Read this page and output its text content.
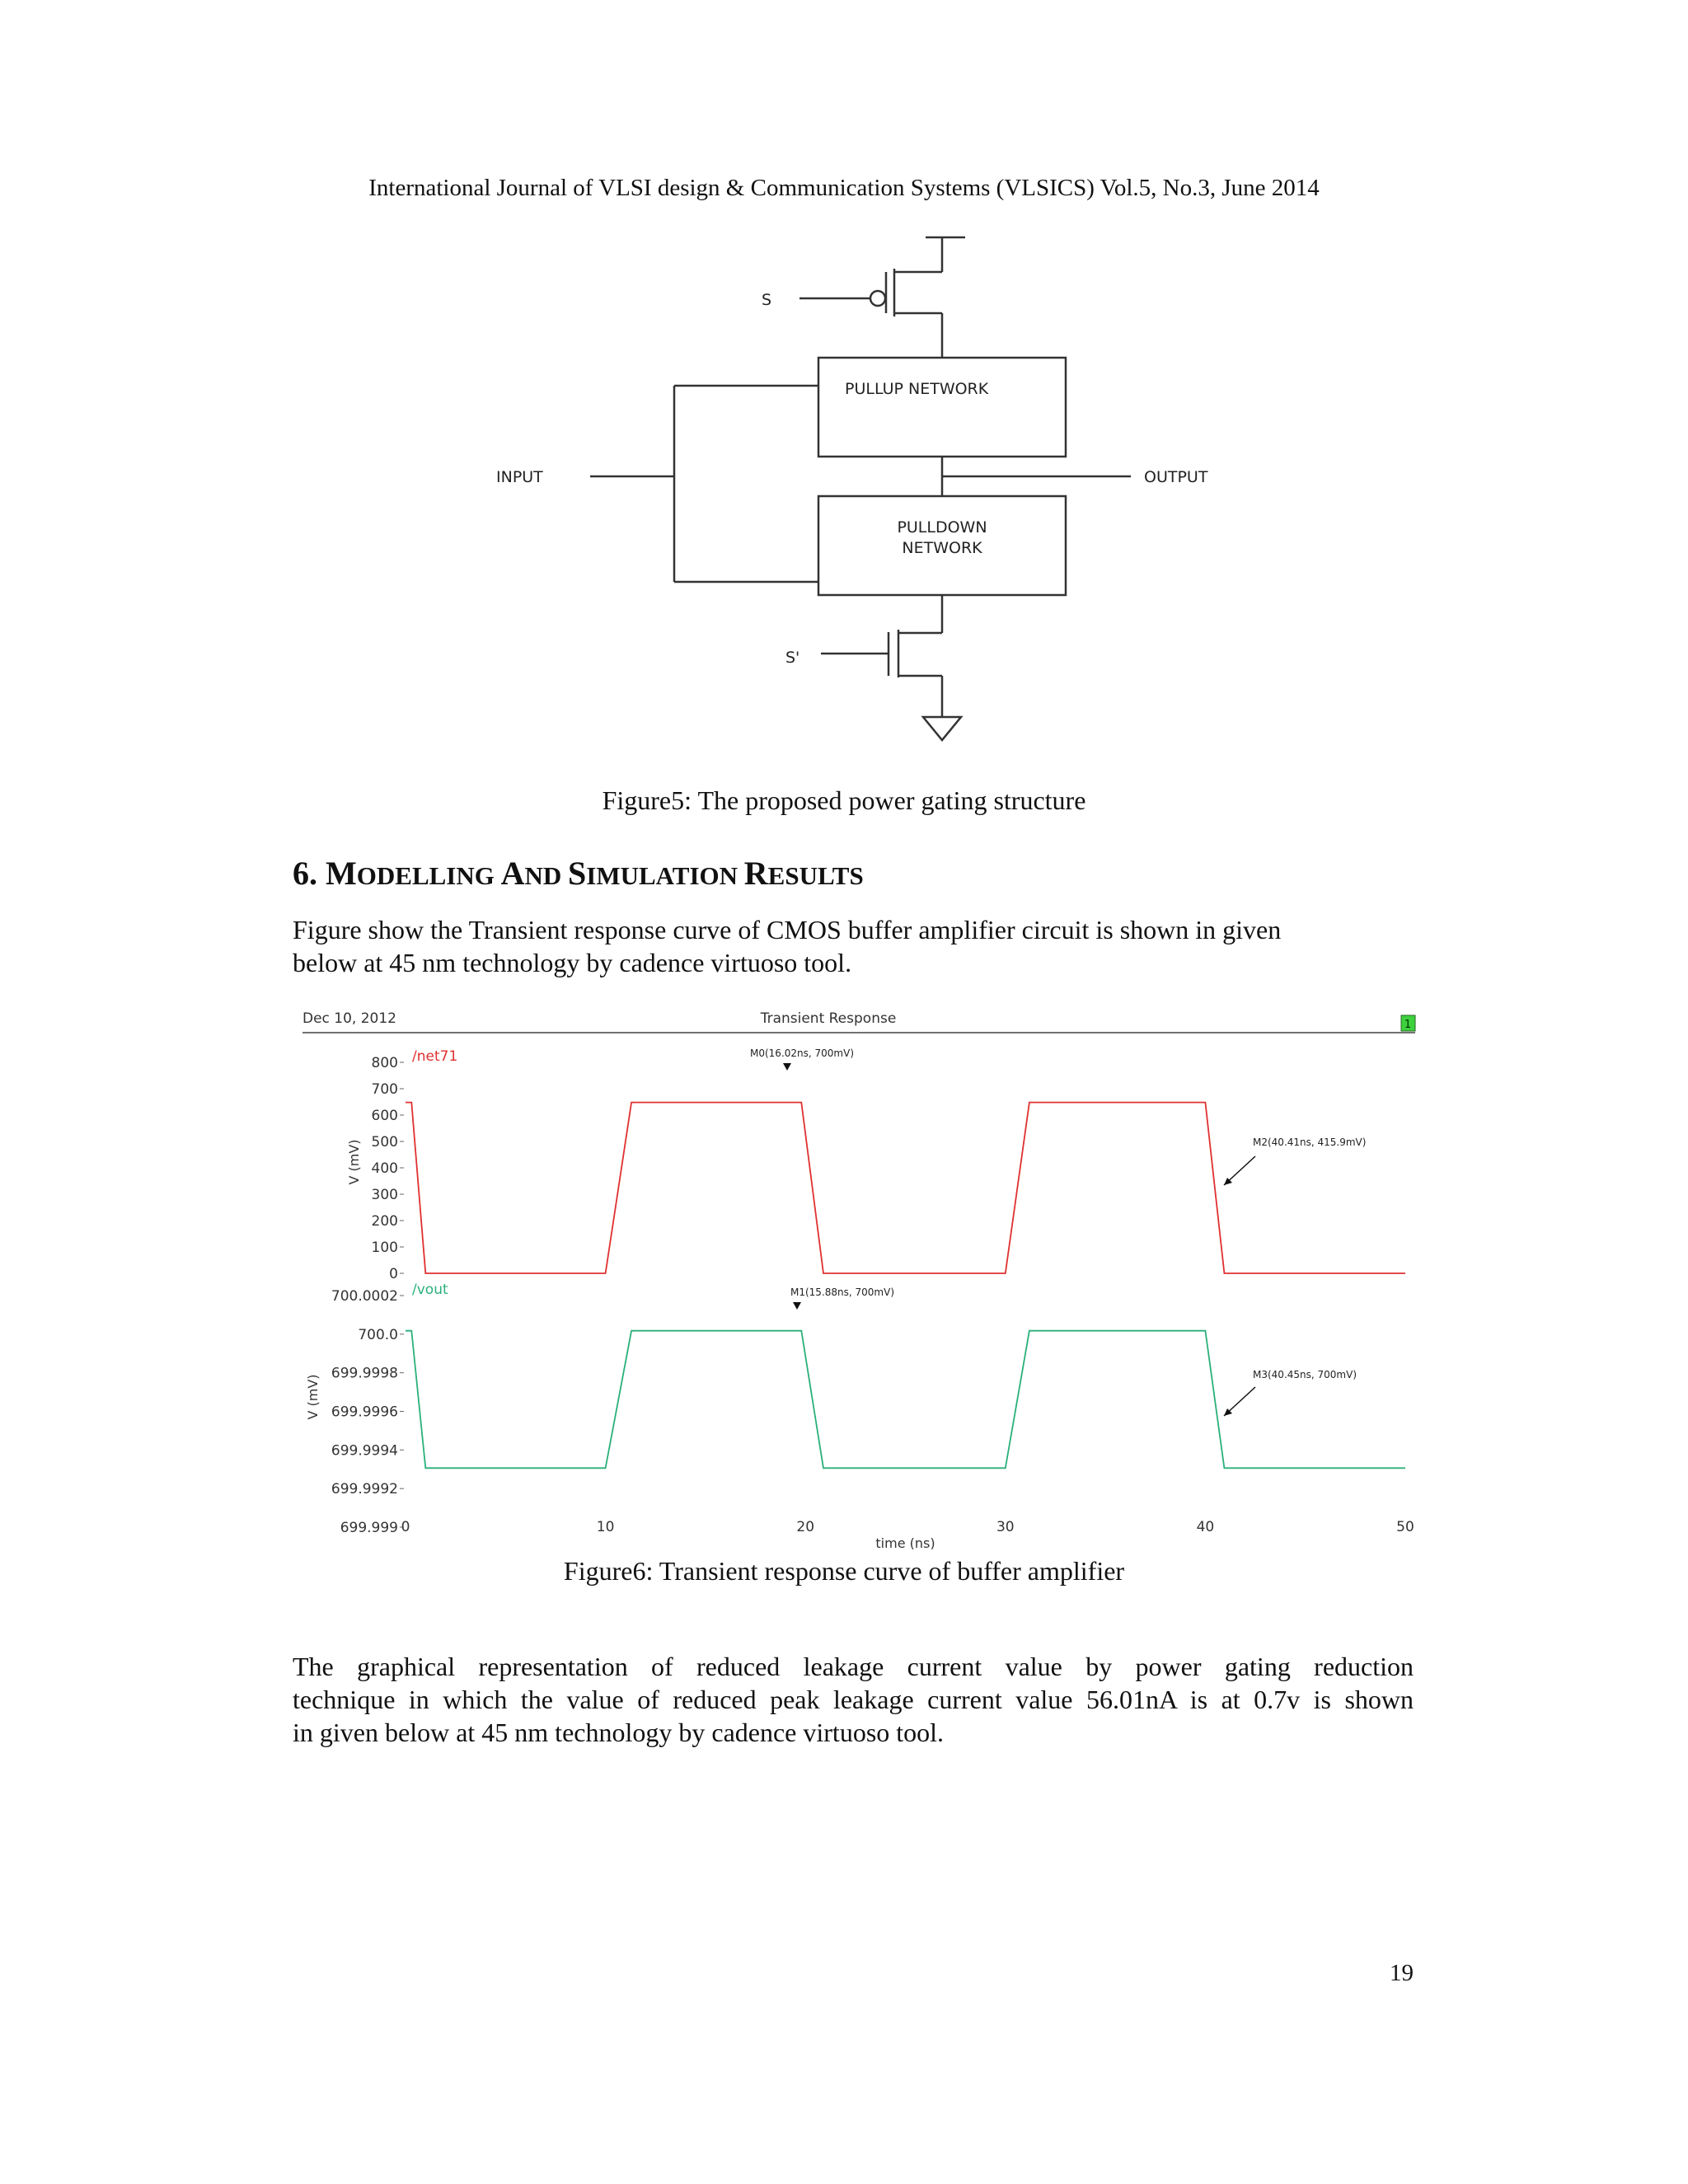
International Journal of VLSI design & Communication Systems (VLSICS) Vol.5, No.3, June 2014
S
S'
INPUT	OUTPUT
PULLUP NETWORK
PULLDOWN
NETWORK
Figure5: The proposed power gating structure
6. MODELLING AND SIMULATION RESULTS
Figure show the Transient response curve of CMOS buffer amplifier circuit is shown in given
below at 45 nm technology by cadence virtuoso tool.
Dec 10, 2012	Transient Response	1
800
700
600
500
400
300
200
100
0
V (mV)
/net71	M0(16.02ns, 700mV)
M2(40.41ns, 415.9mV)
700.0002
700.0
699.9998
699.9996
699.9994
699.9992
699.999
V (mV)
/vout	M1(15.88ns, 700mV)
M3(40.45ns, 700mV)
0	10	20	30	40	50
time (ns)
Figure6: Transient response curve of buffer amplifier
The graphical representation of reduced leakage current value by power gating reduction
technique in which the value of reduced peak leakage current value 56.01nA is at 0.7v is shown
in given below at 45 nm technology by cadence virtuoso tool.
19
